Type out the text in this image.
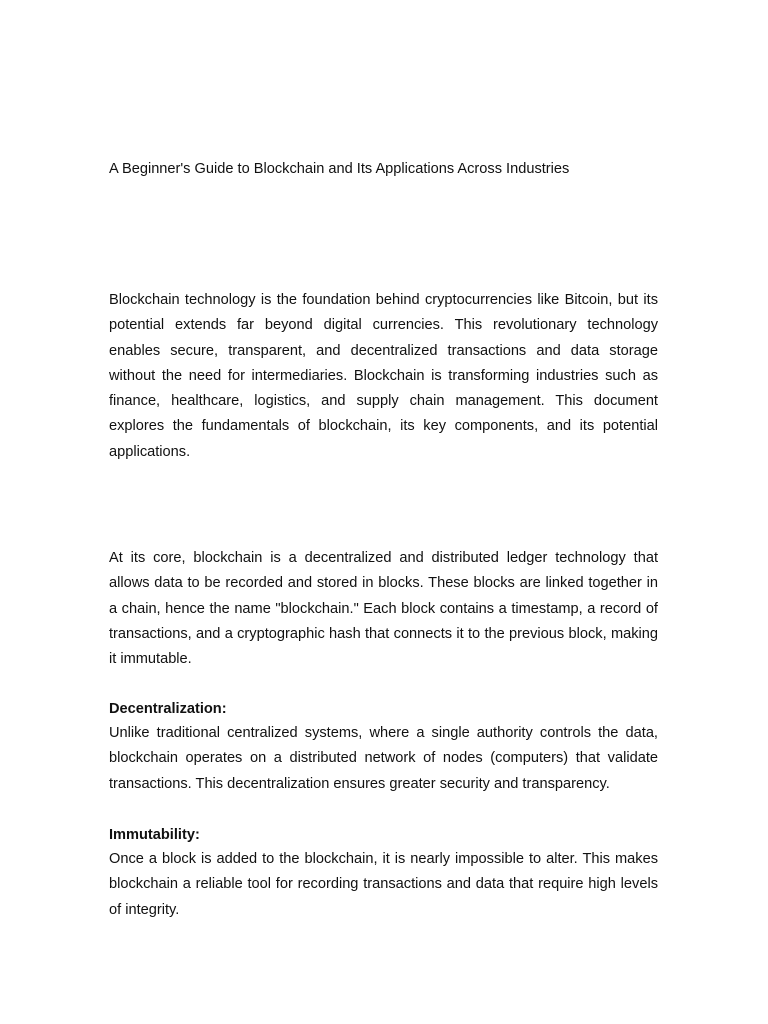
A Beginner's Guide to Blockchain and Its Applications Across Industries

Blockchain technology is the foundation behind cryptocurrencies like Bitcoin, but its potential extends far beyond digital currencies. This revolutionary technology enables secure, transparent, and decentralized transactions and data storage without the need for intermediaries. Blockchain is transforming industries such as finance, healthcare, logistics, and supply chain management. This document explores the fundamentals of blockchain, its key components, and its potential applications.

At its core, blockchain is a decentralized and distributed ledger technology that allows data to be recorded and stored in blocks. These blocks are linked together in a chain, hence the name "blockchain." Each block contains a timestamp, a record of transactions, and a cryptographic hash that connects it to the previous block, making it immutable.

Decentralization:

Unlike traditional centralized systems, where a single authority controls the data, blockchain operates on a distributed network of nodes (computers) that validate transactions. This decentralization ensures greater security and transparency.

Immutability:

Once a block is added to the blockchain, it is nearly impossible to alter. This makes blockchain a reliable tool for recording transactions and data that require high levels of integrity.
